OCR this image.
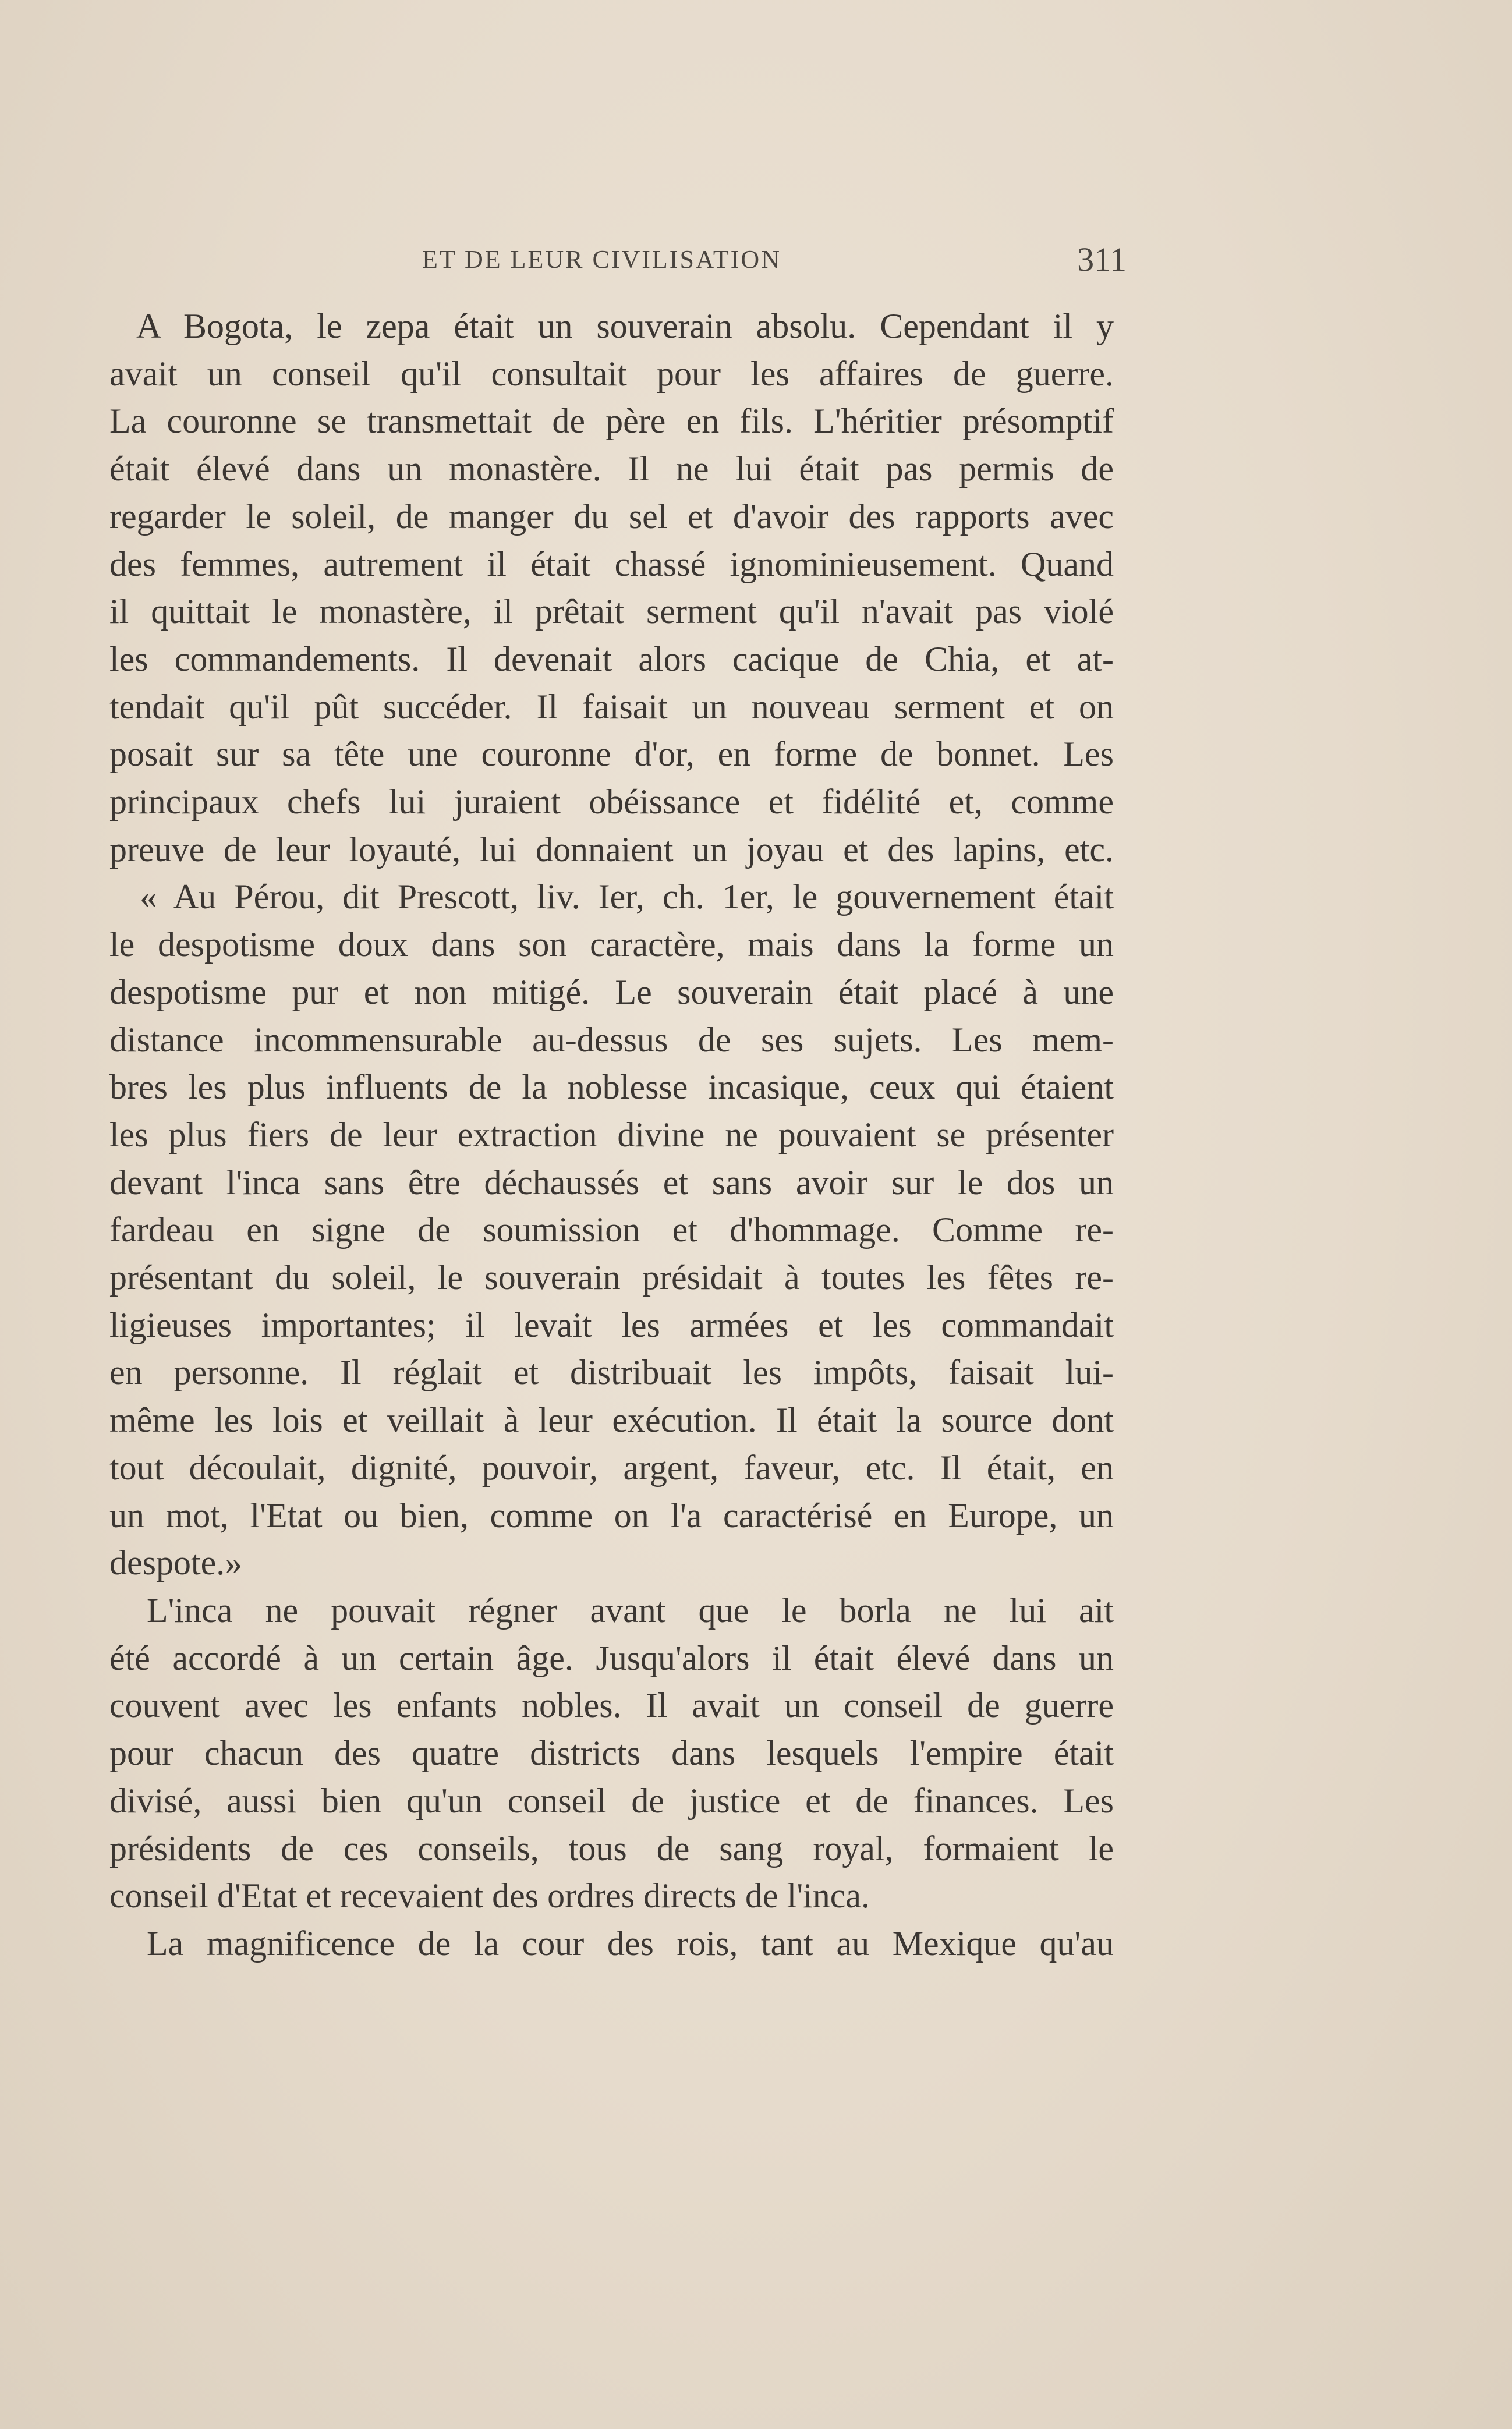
ET DE LEUR CIVILISATION	311
A Bogota, le zepa était un souverain absolu. Cependant il y
avait un conseil qu'il consultait pour les affaires de guerre.
La couronne se transmettait de père en fils. L'héritier présomptif
était élevé dans un monastère. Il ne lui était pas permis de
regarder le soleil, de manger du sel et d'avoir des rapports avec
des femmes, autrement il était chassé ignominieusement. Quand
il quittait le monastère, il prêtait serment qu'il n'avait pas violé
les commandements. Il devenait alors cacique de Chia, et at-
tendait qu'il pût succéder. Il faisait un nouveau serment et on
posait sur sa tête une couronne d'or, en forme de bonnet. Les
principaux chefs lui juraient obéissance et fidélité et, comme
preuve de leur loyauté, lui donnaient un joyau et des lapins, etc.
« Au Pérou, dit Prescott, liv. Ier, ch. 1er, le gouvernement était
le despotisme doux dans son caractère, mais dans la forme un
despotisme pur et non mitigé. Le souverain était placé à une
distance incommensurable au-dessus de ses sujets. Les mem-
bres les plus influents de la noblesse incasique, ceux qui étaient
les plus fiers de leur extraction divine ne pouvaient se présenter
devant l'inca sans être déchaussés et sans avoir sur le dos un
fardeau en signe de soumission et d'hommage. Comme re-
présentant du soleil, le souverain présidait à toutes les fêtes re-
ligieuses importantes; il levait les armées et les commandait
en personne. Il réglait et distribuait les impôts, faisait lui-
même les lois et veillait à leur exécution. Il était la source dont
tout découlait, dignité, pouvoir, argent, faveur, etc. Il était, en
un mot, l'Etat ou bien, comme on l'a caractérisé en Europe, un
despote.»
L'inca ne pouvait régner avant que le borla ne lui ait
été accordé à un certain âge. Jusqu'alors il était élevé dans un
couvent avec les enfants nobles. Il avait un conseil de guerre
pour chacun des quatre districts dans lesquels l'empire était
divisé, aussi bien qu'un conseil de justice et de finances. Les
présidents de ces conseils, tous de sang royal, formaient le
conseil d'Etat et recevaient des ordres directs de l'inca.
La magnificence de la cour des rois, tant au Mexique qu'au
